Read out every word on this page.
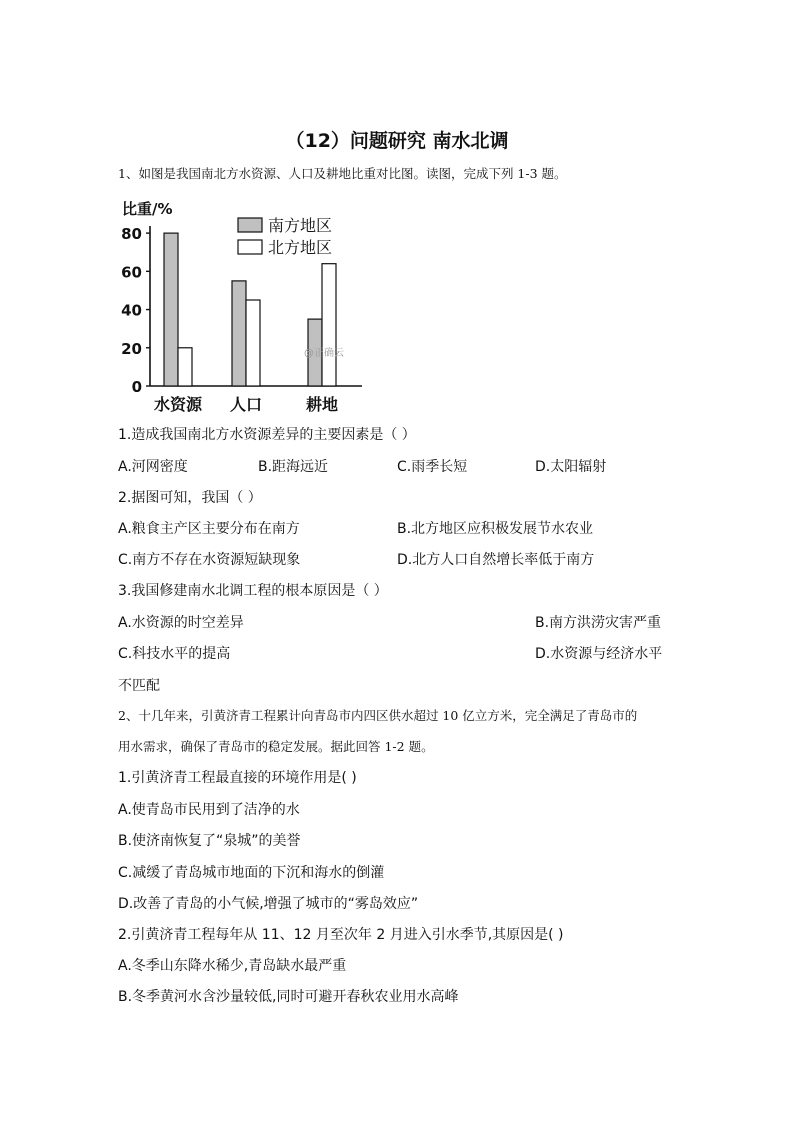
（12）问题研究 南水北调
1、如图是我国南北方水资源、人口及耕地比重对比图。读图，完成下列 1-3 题。
比重/%
0
20
40
60
80
水资源 人口	耕地
南方地区
北方地区
@正确云
1.造成我国南北方水资源差异的主要因素是（ ）
A.河网密度	B.距海远近	C.雨季长短	D.太阳辐射
2.据图可知，我国（ ）
A.粮食主产区主要分布在南方	B.北方地区应积极发展节水农业
C.南方不存在水资源短缺现象	D.北方人口自然增长率低于南方
3.我国修建南水北调工程的根本原因是（ ）
A.水资源的时空差异	B.南方洪涝灾害严重
C.科技水平的提高	D.水资源与经济水平
不匹配
2、十几年来，引黄济青工程累计向青岛市内四区供水超过 10 亿立方米，完全满足了青岛市的
用水需求，确保了青岛市的稳定发展。据此回答 1-2 题。
1.引黄济青工程最直接的环境作用是( )
A.使青岛市民用到了洁净的水
B.使济南恢复了“泉城”的美誉
C.减缓了青岛城市地面的下沉和海水的倒灌
D.改善了青岛的小气候,增强了城市的“雾岛效应”
2.引黄济青工程每年从 11、12 月至次年 2 月进入引水季节,其原因是( )
A.冬季山东降水稀少,青岛缺水最严重
B.冬季黄河水含沙量较低,同时可避开春秋农业用水高峰
